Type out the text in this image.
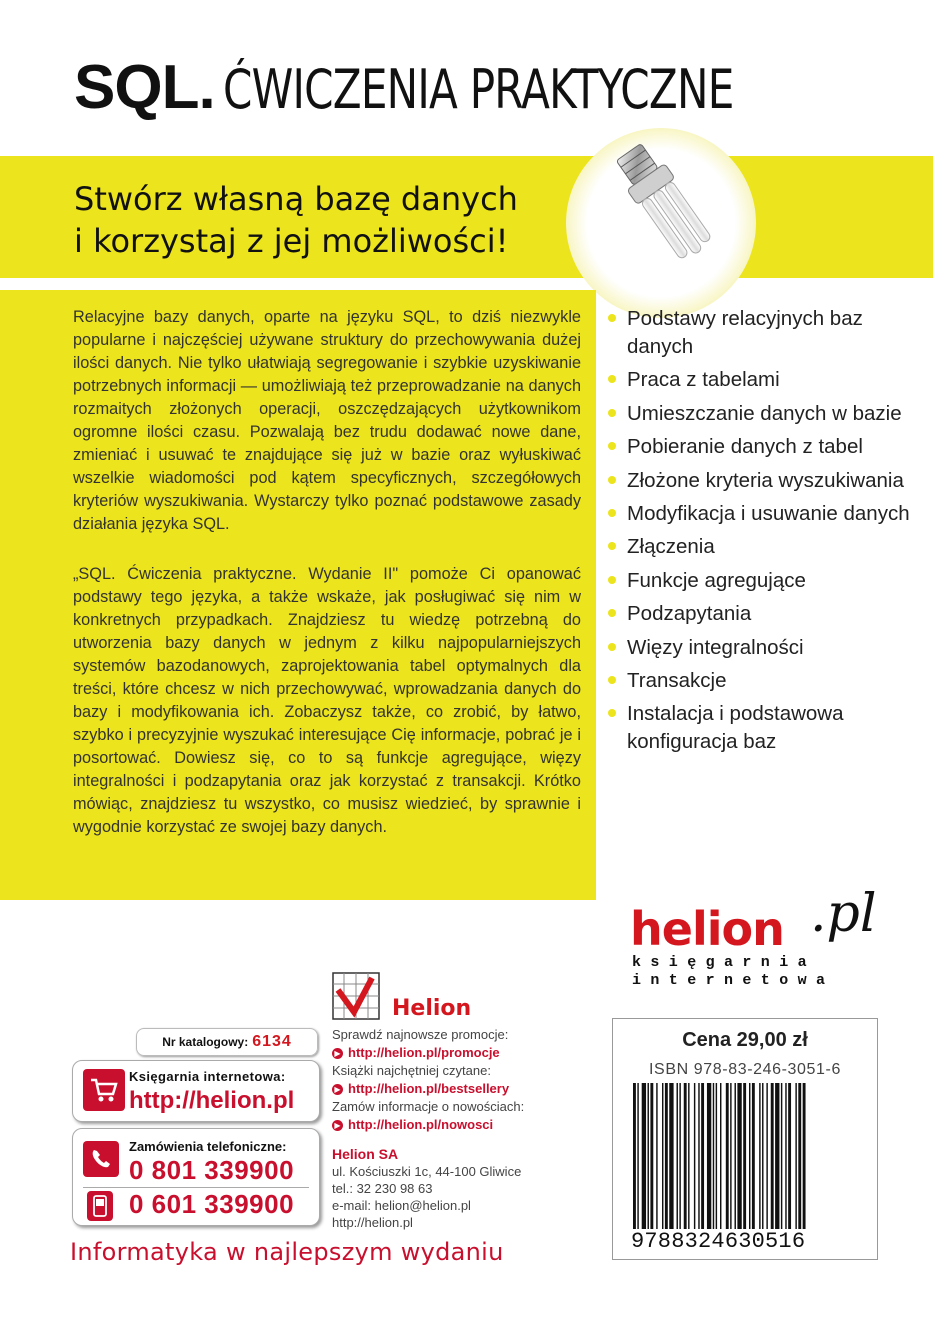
SQL. ĆWICZENIA PRAKTYCZNE
Stwórz własną bazę danych
i korzystaj z jej możliwości!

Relacyjne bazy danych, oparte na języku SQL, to dziś niezwykle popularne i najczęściej używane struktury do przechowywania dużej ilości danych. Nie tylko ułatwiają segregowanie i szybkie uzyskiwanie potrzebnych informacji — umożliwiają też przeprowadzanie na danych rozmaitych złożonych operacji, oszczędzających użytkownikom ogromne ilości czasu. Pozwalają bez trudu dodawać nowe dane, zmieniać i usuwać te znajdujące się już w bazie oraz wyłuskiwać wszelkie wiadomości pod kątem specyficznych, szczegółowych kryteriów wyszukiwania. Wystarczy tylko poznać podstawowe zasady działania języka SQL.

„SQL. Ćwiczenia praktyczne. Wydanie II" pomoże Ci opanować podstawy tego języka, a także wskaże, jak posługiwać się nim w konkretnych przypadkach. Znajdziesz tu wiedzę potrzebną do utworzenia bazy danych w jednym z kilku najpopularniejszych systemów bazodanowych, zaprojektowania tabel optymalnych dla treści, które chcesz w nich przechowywać, wprowadzania danych do bazy i modyfikowania ich. Zobaczysz także, co zrobić, by łatwo, szybko i precyzyjnie wyszukać interesujące Cię informacje, pobrać je i posortować. Dowiesz się, co to są funkcje agregujące, więzy integralności i podzapytania oraz jak korzystać z transakcji. Krótko mówiąc, znajdziesz tu wszystko, co musisz wiedzieć, by sprawnie i wygodnie korzystać ze swojej bazy danych.

Podstawy relacyjnych baz danych
Praca z tabelami
Umieszczanie danych w bazie
Pobieranie danych z tabel
Złożone kryteria wyszukiwania
Modyfikacja i usuwanie danych
Złączenia
Funkcje agregujące
Podzapytania
Więzy integralności
Transakcje
Instalacja i podstawowa konfiguracja baz
helion .pl
księgarnia
internetowa
Helion
Nr katalogowy: 6134
Księgarnia internetowa:
http://helion.pl
Zamówienia telefoniczne:
0 801 339900
0 601 339900
Sprawdź najnowsze promocje:
▶ http://helion.pl/promocje
Książki najchętniej czytane:
▶ http://helion.pl/bestsellery
Zamów informacje o nowościach:
▶ http://helion.pl/nowosci
Helion SA
ul. Kościuszki 1c, 44-100 Gliwice
tel.: 32 230 98 63
e-mail: helion@helion.pl
http://helion.pl
Informatyka w najlepszym wydaniu
Cena 29,00 zł
ISBN 978-83-246-3051-6
9788324630516
